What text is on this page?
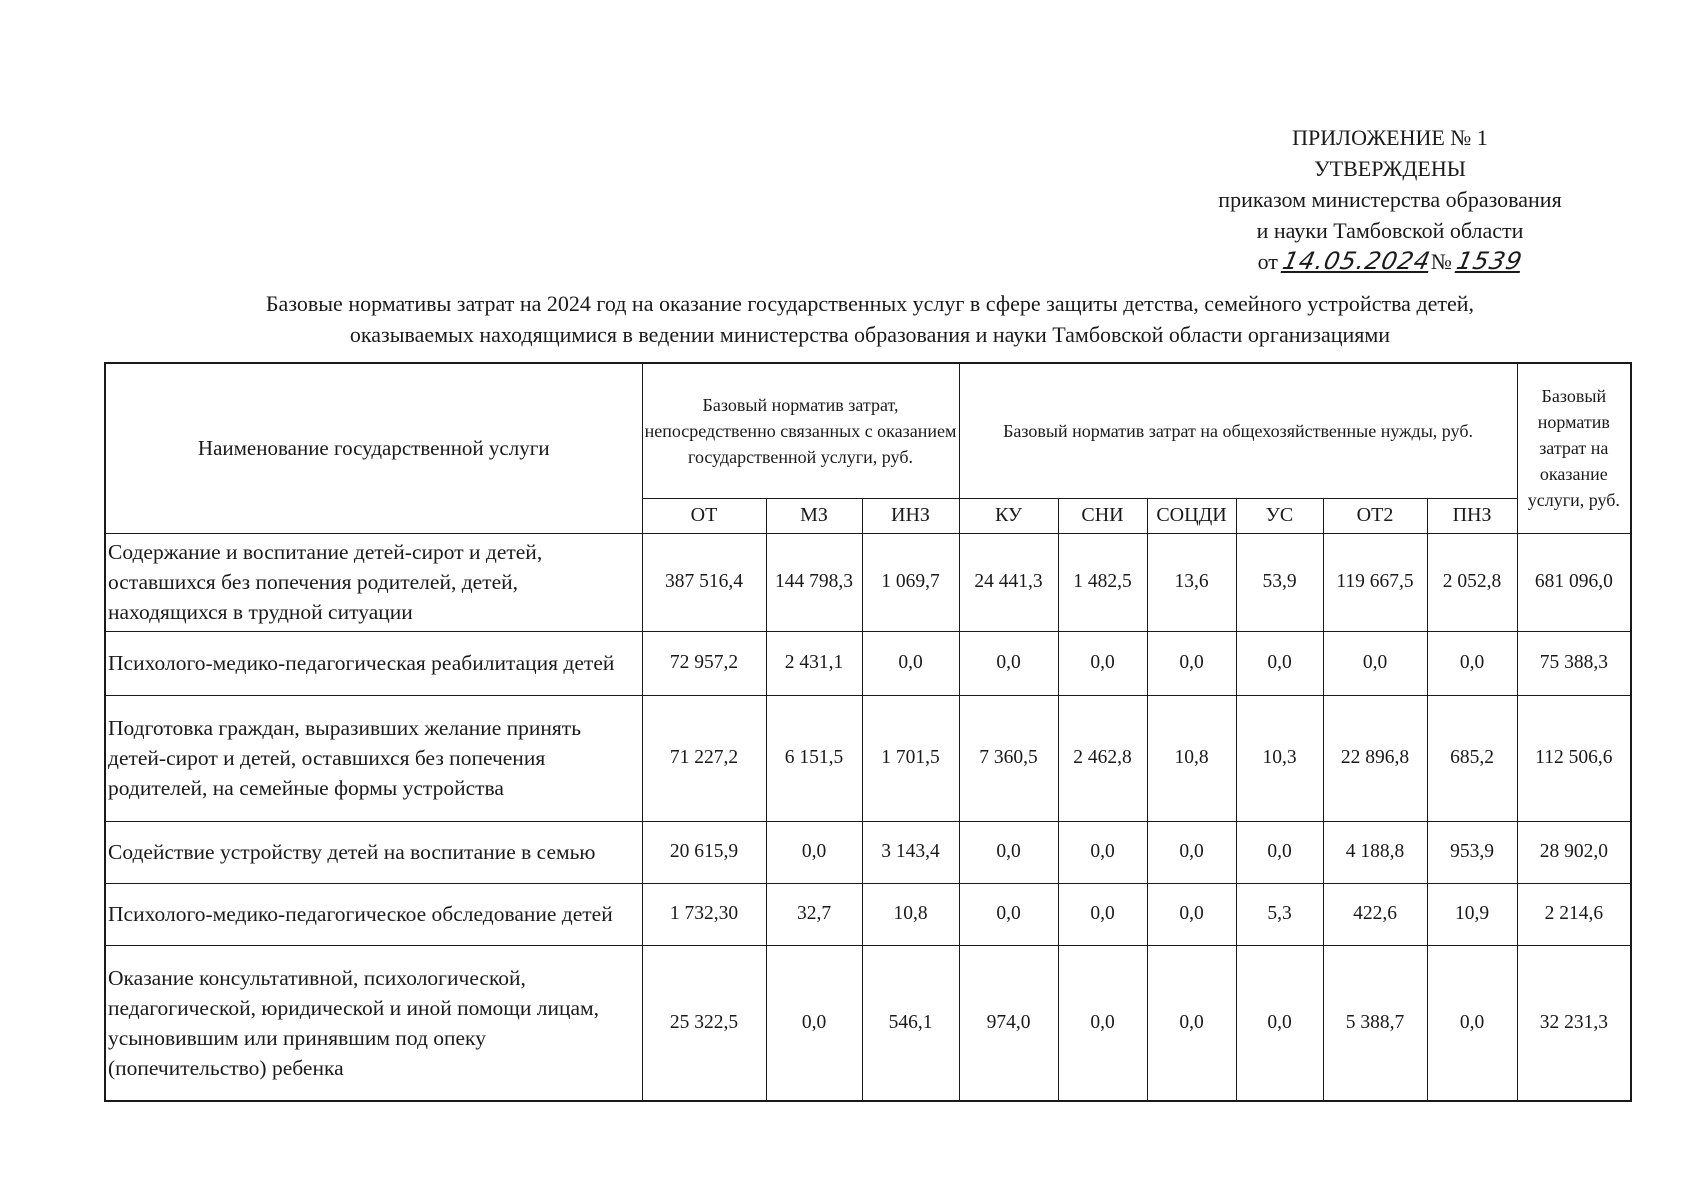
ПРИЛОЖЕНИЕ № 1
УТВЕРЖДЕНЫ
приказом министерства образования
и науки Тамбовской области
от 14.05.2024№ 1539
Базовые нормативы затрат на 2024 год на оказание государственных услуг в сфере защиты детства, семейного устройства детей,
оказываемых находящимися в ведении министерства образования и науки Тамбовской области организациями
Наименование государственной услуги	Базовый норматив затрат, непосредственно связанных с оказанием государственной услуги, руб.			Базовый норматив затрат на общехозяйственные нужды, руб.						Базовый норматив затрат на оказание услуги, руб.
	ОТ	МЗ	ИНЗ	КУ	СНИ	СОЦДИ	УС	ОТ2	ПНЗ	
Содержание и воспитание детей-сирот и детей, оставшихся без попечения родителей, детей, находящихся в трудной ситуации	387 516,4	144 798,3	1 069,7	24 441,3	1 482,5	13,6	53,9	119 667,5	2 052,8	681 096,0
Психолого-медико-педагогическая реабилитация детей	72 957,2	2 431,1	0,0	0,0	0,0	0,0	0,0	0,0	0,0	75 388,3
Подготовка граждан, выразивших желание принять детей-сирот и детей, оставшихся без попечения родителей, на семейные формы устройства	71 227,2	6 151,5	1 701,5	7 360,5	2 462,8	10,8	10,3	22 896,8	685,2	112 506,6
Содействие устройству детей на воспитание в семью	20 615,9	0,0	3 143,4	0,0	0,0	0,0	0,0	4 188,8	953,9	28 902,0
Психолого-медико-педагогическое обследование детей	1 732,30	32,7	10,8	0,0	0,0	0,0	5,3	422,6	10,9	2 214,6
Оказание консультативной, психологической, педагогической, юридической и иной помощи лицам, усыновившим или принявшим под опеку (попечительство) ребенка	25 322,5	0,0	546,1	974,0	0,0	0,0	0,0	5 388,7	0,0	32 231,3
